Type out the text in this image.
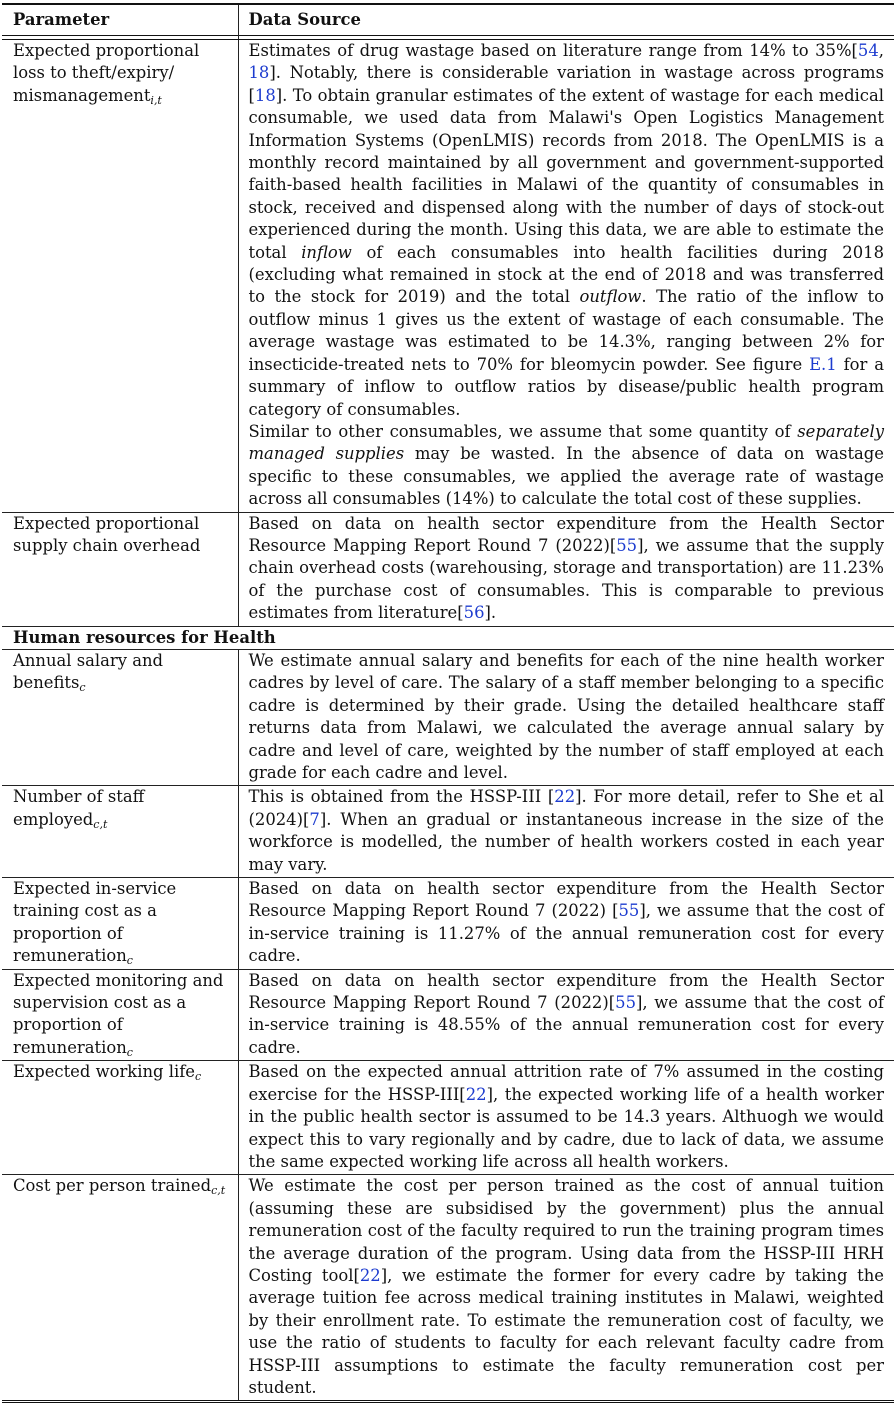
Parameter	Data Source

Expected proportional loss to theft/expiry/ mismanagement$_{i,t}$	Estimates of drug wastage based on literature range from 14% to 35%[54, 18]. Notably, there is considerable variation in wastage across programs [18]. To obtain granular estimates of the extent of wastage for each medical consumable, we used data from Malawi's Open Logistics Management Information Systems (OpenLMIS) records from 2018. The OpenLMIS is a monthly record maintained by all government and government-supported faith-based health facilities in Malawi of the quantity of consumables in stock, received and dispensed along with the number of days of stock-out experienced during the month. Using this data, we are able to estimate the total inflow of each consumables into health facilities during 2018 (excluding what remained in stock at the end of 2018 and was transferred to the stock for 2019) and the total outflow. The ratio of the inflow to outflow minus 1 gives us the extent of wastage of each consumable. The average wastage was estimated to be 14.3%, ranging between 2% for insecticide-treated nets to 70% for bleomycin powder. See figure E.1 for a summary of inflow to outflow ratios by disease/public health program category of consumables.
Similar to other consumables, we assume that some quantity of separately managed supplies may be wasted. In the absence of data on wastage specific to these consumables, we applied the average rate of wastage across all consumables (14%) to calculate the total cost of these supplies.
Expected proportional supply chain overhead	Based on data on health sector expenditure from the Health Sector Resource Mapping Report Round 7 (2022)[55], we assume that the supply chain overhead costs (warehousing, storage and transportation) are 11.23% of the purchase cost of consumables. This is comparable to previous estimates from literature[56].
Human resources for Health	
Annual salary and benefits$_c$	We estimate annual salary and benefits for each of the nine health worker cadres by level of care. The salary of a staff member belonging to a specific cadre is determined by their grade. Using the detailed healthcare staff returns data from Malawi, we calculated the average annual salary by cadre and level of care, weighted by the number of staff employed at each grade for each cadre and level.
Number of staff employed$_{c,t}$	This is obtained from the HSSP-III [22]. For more detail, refer to She et al (2024)[7]. When an gradual or instantaneous increase in the size of the workforce is modelled, the number of health workers costed in each year may vary.
Expected in-service training cost as a proportion of remuneration$_c$	Based on data on health sector expenditure from the Health Sector Resource Mapping Report Round 7 (2022) [55], we assume that the cost of in-service training is 11.27% of the annual remuneration cost for every cadre.
Expected monitoring and supervision cost as a proportion of remuneration$_c$	Based on data on health sector expenditure from the Health Sector Resource Mapping Report Round 7 (2022)[55], we assume that the cost of in-service training is 48.55% of the annual remuneration cost for every cadre.
Expected working life$_c$	Based on the expected annual attrition rate of 7% assumed in the costing exercise for the HSSP-III[22], the expected working life of a health worker in the public health sector is assumed to be 14.3 years. Althuogh we would expect this to vary regionally and by cadre, due to lack of data, we assume the same expected working life across all health workers.
Cost per person trained$_{c,t}$	We estimate the cost per person trained as the cost of annual tuition (assuming these are subsidised by the government) plus the annual remuneration cost of the faculty required to run the training program times the average duration of the program. Using data from the HSSP-III HRH Costing tool[22], we estimate the former for every cadre by taking the average tuition fee across medical training institutes in Malawi, weighted by their enrollment rate. To estimate the remuneration cost of faculty, we use the ratio of students to faculty for each relevant faculty cadre from HSSP-III assumptions to estimate the faculty remuneration cost per student.
